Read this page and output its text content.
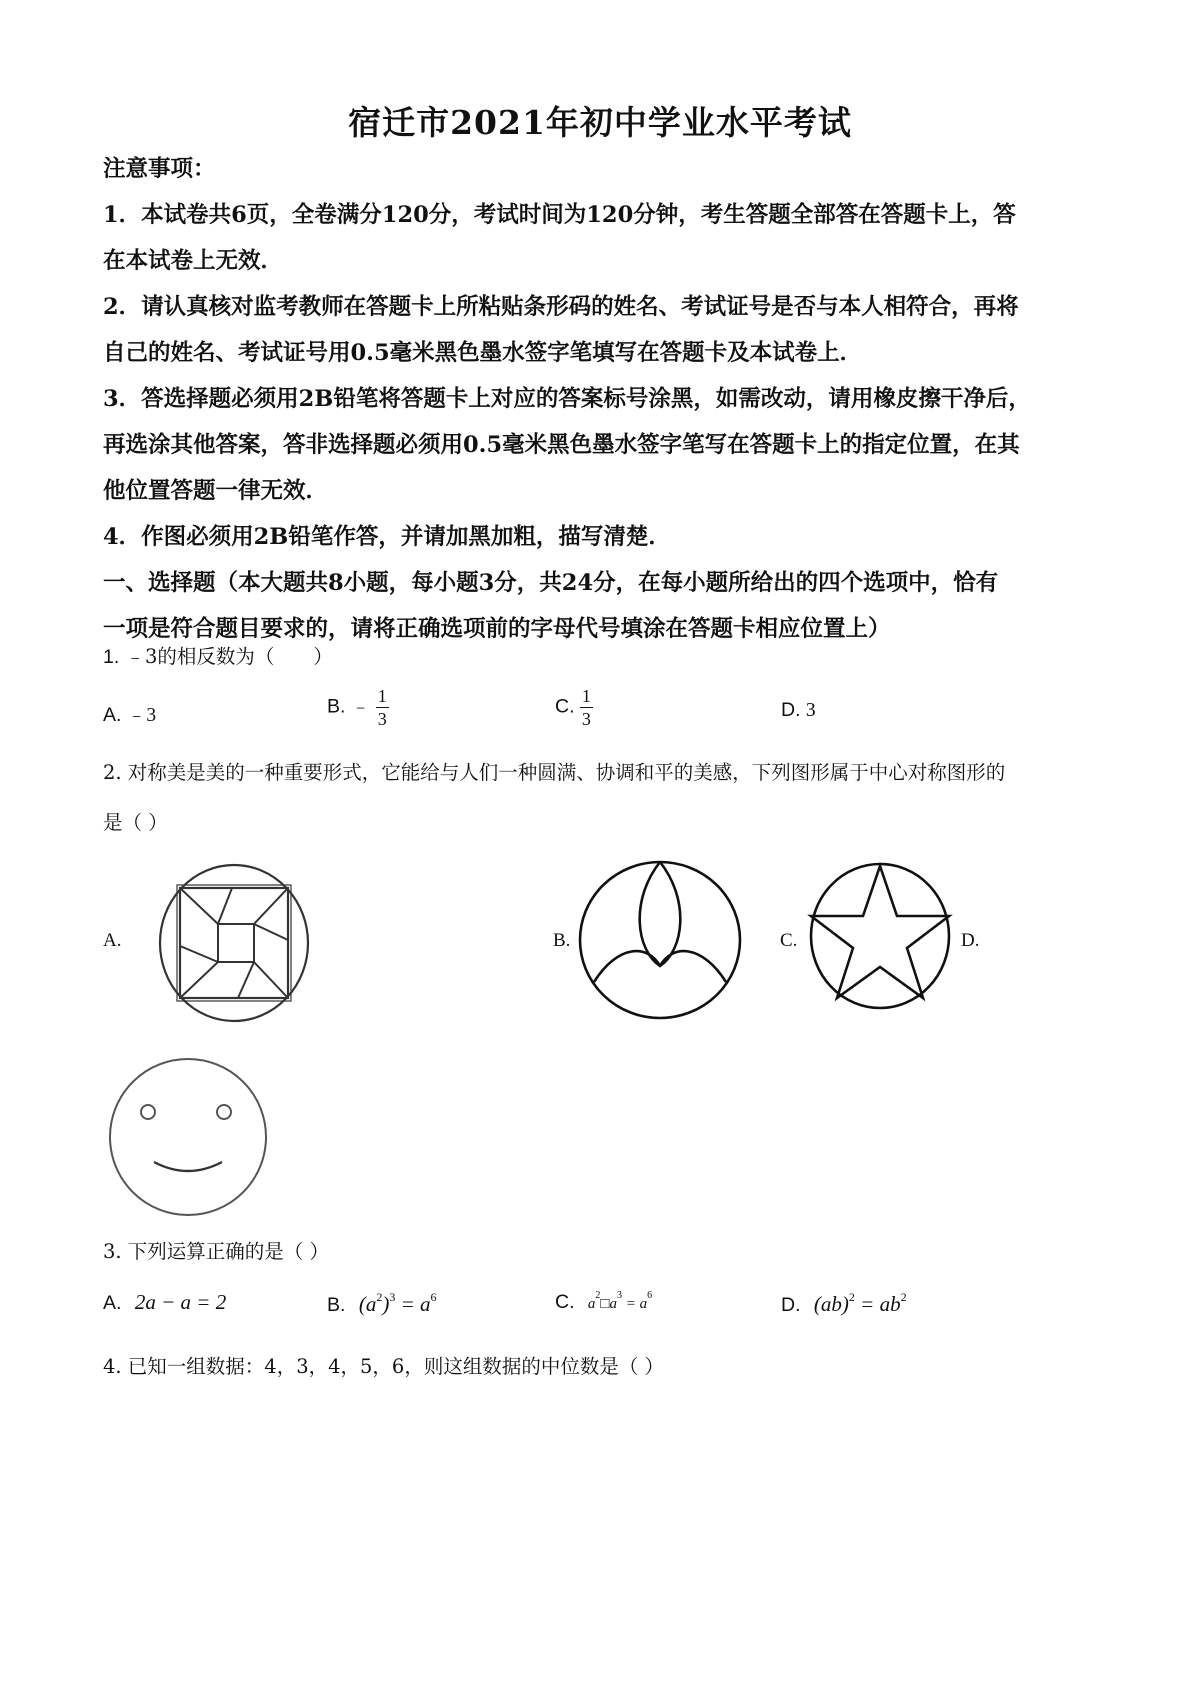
宿迁市2021年初中学业水平考试
注意事项：
1．本试卷共6页，全卷满分120分，考试时间为120分钟，考生答题全部答在答题卡上，答
在本试卷上无效．
2．请认真核对监考教师在答题卡上所粘贴条形码的姓名、考试证号是否与本人相符合，再将
自己的姓名、考试证号用0.5毫米黑色墨水签字笔填写在答题卡及本试卷上．
3．答选择题必须用2B铅笔将答题卡上对应的答案标号涂黑，如需改动，请用橡皮擦干净后，
再选涂其他答案，答非选择题必须用0.5毫米黑色墨水签字笔写在答题卡上的指定位置，在其
他位置答题一律无效．
4．作图必须用2B铅笔作答，并请加黑加粗，描写清楚．
一、选择题（本大题共8小题，每小题3分，共24分，在每小题所给出的四个选项中，恰有
一项是符合题目要求的，请将正确选项前的字母代号填涂在答题卡相应位置上）
1. ﹣3的相反数为（　　）
A. ﹣3	B. ﹣ $\frac{1}{3}$	C. $\frac{1}{3}$	D. 3
2. 对称美是美的一种重要形式，它能给与人们一种圆满、协调和平的美感，下列图形属于中心对称图形的
是（ ）
A.	B.	C.	D.
3. 下列运算正确的是（ ）
A. 2a − a = 2	B. $(a^2)^3 = a^6$	C. $a^2□a^3 = a^6$	D. $(ab)^2 = ab^2$
4. 已知一组数据：4，3，4，5，6，则这组数据的中位数是（ ）
